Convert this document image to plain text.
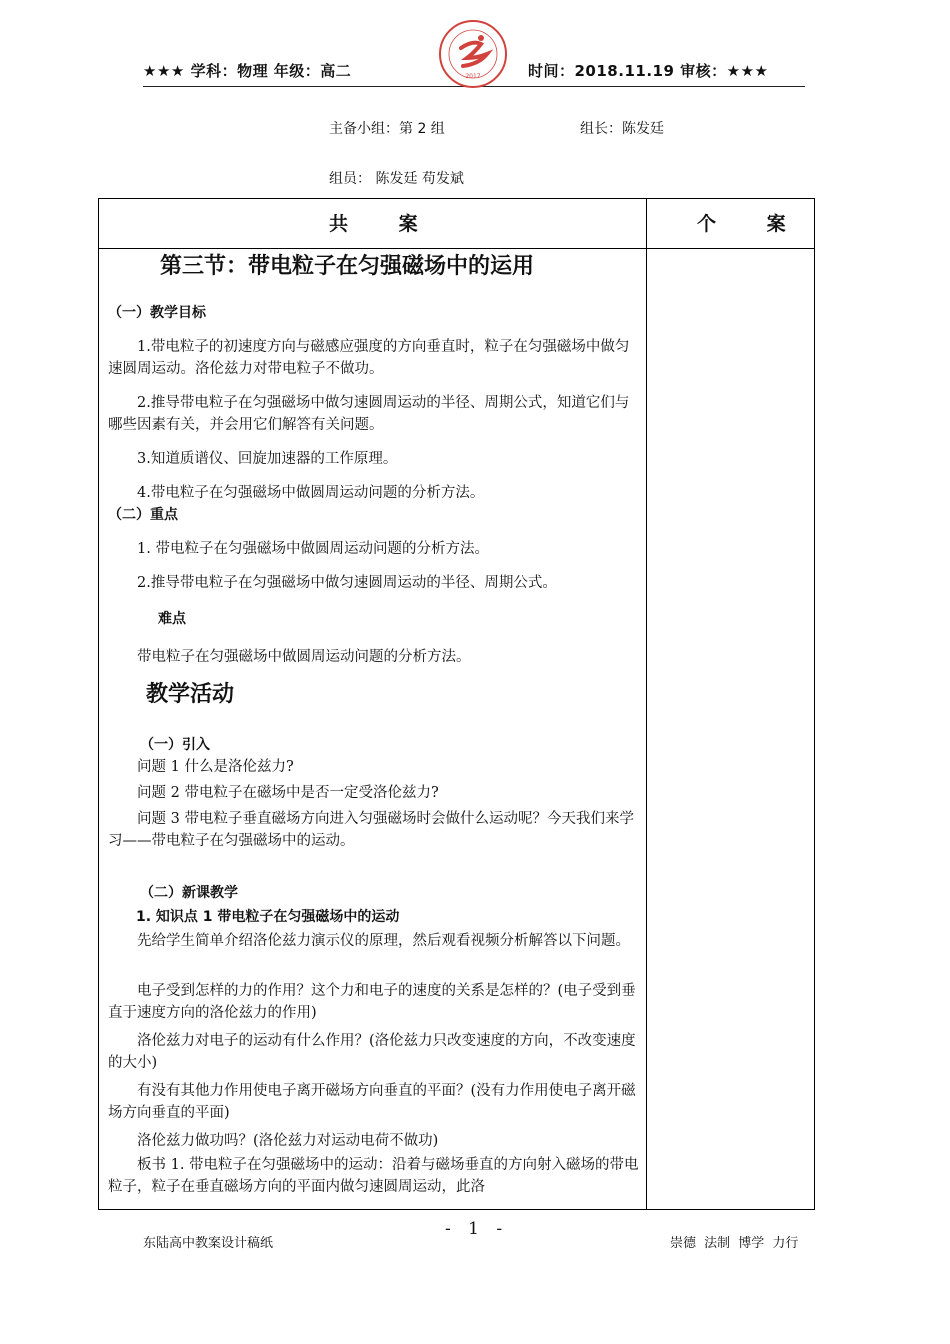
★★★ 学科：物理 年级：高二	时间：2018.11.19 审核：★★★
2017
主备小组：第 2 组	组长：陈发廷
组员： 陈发廷 苟发斌
共 案	个 案
第三节：带电粒子在匀强磁场中的运用
（一）教学目标
1.带电粒子的初速度方向与磁感应强度的方向垂直时，粒子在匀强磁场中做匀速圆周运动。洛伦兹力对带电粒子不做功。
2.推导带电粒子在匀强磁场中做匀速圆周运动的半径、周期公式，知道它们与哪些因素有关，并会用它们解答有关问题。
3.知道质谱仪、回旋加速器的工作原理。
4.带电粒子在匀强磁场中做圆周运动问题的分析方法。
（二）重点
1. 带电粒子在匀强磁场中做圆周运动问题的分析方法。
2.推导带电粒子在匀强磁场中做匀速圆周运动的半径、周期公式。
难点
带电粒子在匀强磁场中做圆周运动问题的分析方法。
教学活动
（一）引入
问题 1 什么是洛伦兹力?
问题 2 带电粒子在磁场中是否一定受洛伦兹力?
问题 3 带电粒子垂直磁场方向进入匀强磁场时会做什么运动呢？今天我们来学习——带电粒子在匀强磁场中的运动。
（二）新课教学
1. 知识点 1 带电粒子在匀强磁场中的运动
先给学生简单介绍洛伦兹力演示仪的原理，然后观看视频分析解答以下问题。
电子受到怎样的力的作用？这个力和电子的速度的关系是怎样的？(电子受到垂直于速度方向的洛伦兹力的作用)
洛伦兹力对电子的运动有什么作用？(洛伦兹力只改变速度的方向，不改变速度的大小)
有没有其他力作用使电子离开磁场方向垂直的平面？(没有力作用使电子离开磁场方向垂直的平面)
洛伦兹力做功吗？(洛伦兹力对运动电荷不做功)
板书 1. 带电粒子在匀强磁场中的运动：沿着与磁场垂直的方向射入磁场的带电粒子，粒子在垂直磁场方向的平面内做匀速圆周运动，此洛
东陆高中教案设计稿纸
- 1 -
崇德 法制 博学 力行
